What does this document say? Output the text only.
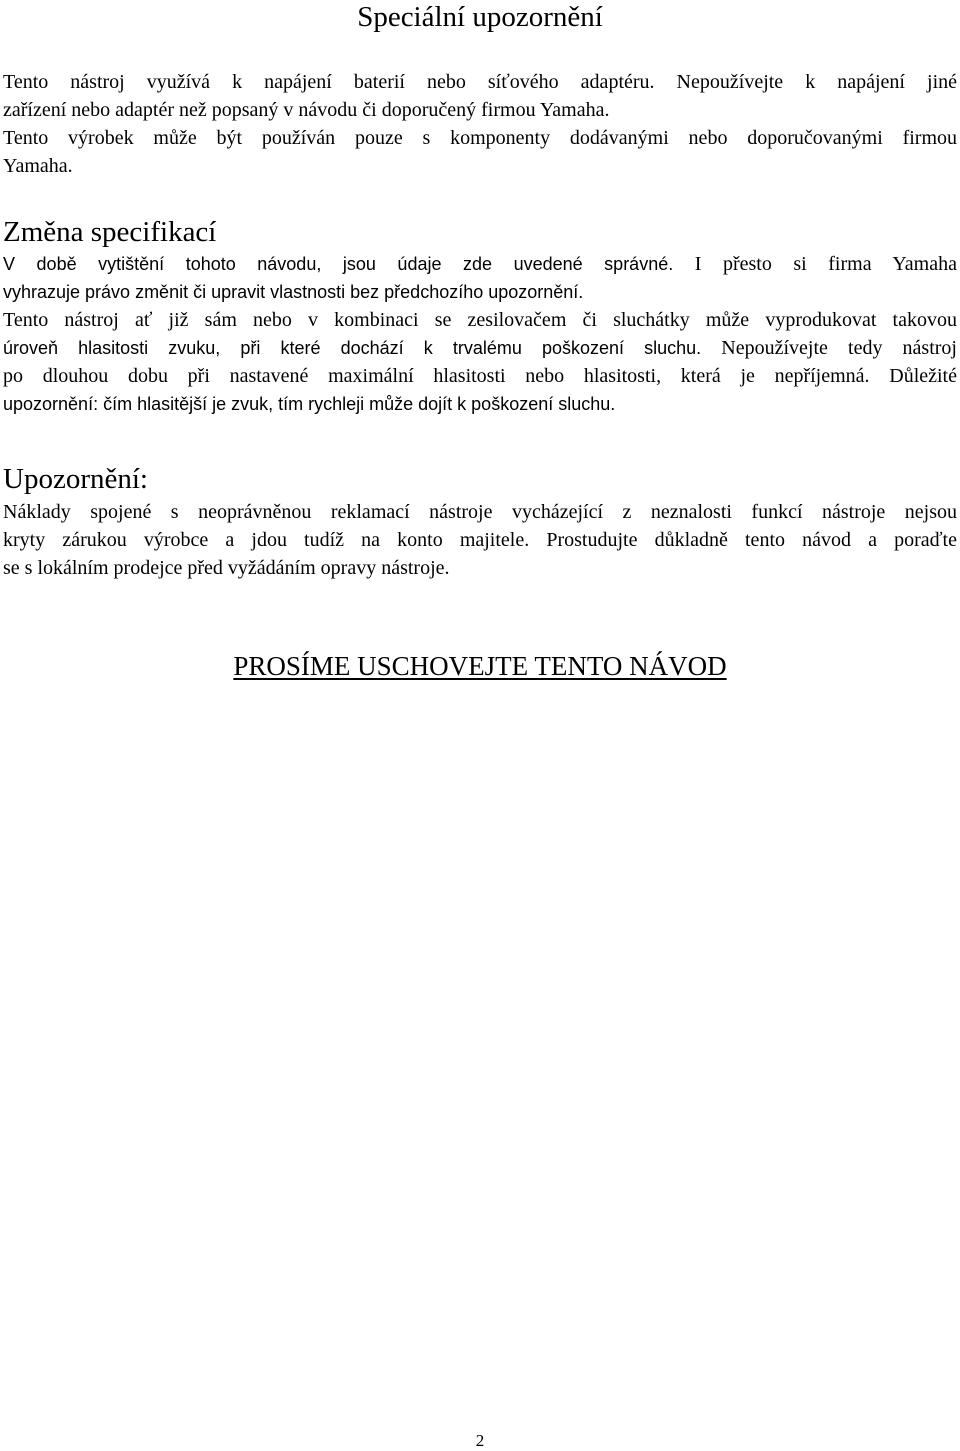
Speciální upozornění

Tento nástroj využívá k napájení baterií nebo síťového adaptéru. Nepoužívejte k napájení jiné
zařízení nebo adaptér než popsaný v návodu či doporučený firmou Yamaha.
Tento výrobek může být používán pouze s komponenty dodávanými nebo doporučovanými firmou
Yamaha.

Změna specifikací

V době vytištění tohoto návodu, jsou údaje zde uvedené správné. I přesto si firma Yamaha
vyhrazuje právo změnit či upravit vlastnosti bez předchozího upozornění.
Tento nástroj ať již sám nebo v kombinaci se zesilovačem či sluchátky může vyprodukovat takovou
úroveň hlasitosti zvuku, při které dochází k trvalému poškození sluchu. Nepoužívejte tedy nástroj
po dlouhou dobu při nastavené maximální hlasitosti nebo hlasitosti, která je nepříjemná. Důležité
upozornění: čím hlasitější je zvuk, tím rychleji může dojít k poškození sluchu.

Upozornění:

Náklady spojené s neoprávněnou reklamací nástroje vycházející z neznalosti funkcí nástroje nejsou
kryty zárukou výrobce a jdou tudíž na konto majitele. Prostudujte důkladně tento návod a poraďte
se s lokálním prodejce před vyžádáním opravy nástroje.

PROSÍME USCHOVEJTE TENTO NÁVOD

2
